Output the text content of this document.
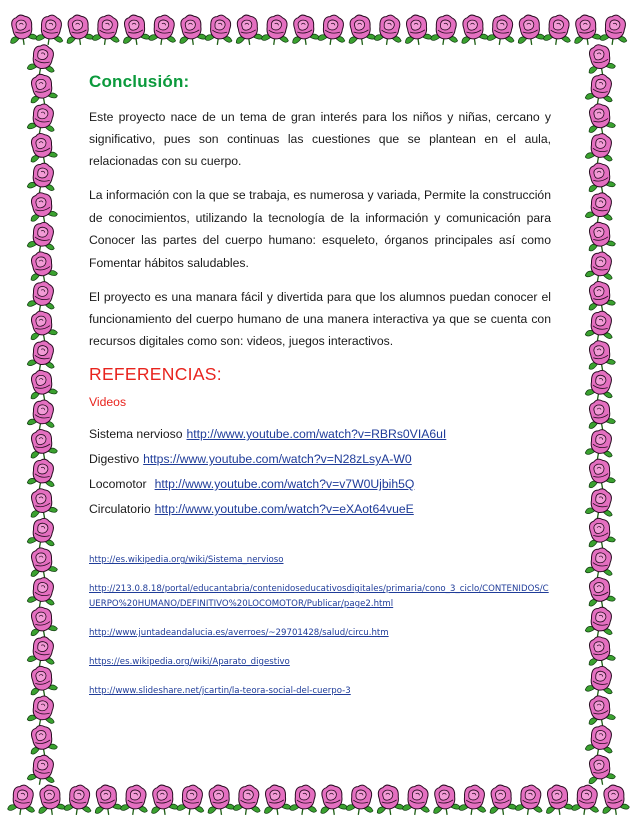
Conclusión:

Este proyecto nace de un tema de gran interés para los niños y niñas, cercano y significativo, pues son continuas las cuestiones que se plantean en el aula, relacionadas con su cuerpo.

La información con la que se trabaja, es numerosa y variada, Permite la construcción de conocimientos, utilizando la tecnología de la información y comunicación para Conocer las partes del cuerpo humano: esqueleto, órganos principales así como Fomentar hábitos saludables.

El proyecto es una manara fácil y divertida para que los alumnos puedan conocer el funcionamiento del cuerpo humano de una manera interactiva ya que se cuenta con recursos digitales como son: videos, juegos interactivos.

REFERENCIAS:
Videos
Sistema nervioso http://www.youtube.com/watch?v=RBRs0VIA6uI
Digestivo https://www.youtube.com/watch?v=N28zLsyA-W0
Locomotor http://www.youtube.com/watch?v=v7W0Ujbih5Q
Circulatorio http://www.youtube.com/watch?v=eXAot64vueE
http://es.wikipedia.org/wiki/Sistema_nervioso
http://213.0.8.18/portal/educantabria/contenidoseducativosdigitales/primaria/cono_3_ciclo/CONTENIDOS/CUERPO%20HUMANO/DEFINITIVO%20LOCOMOTOR/Publicar/page2.html
http://www.juntadeandalucia.es/averroes/~29701428/salud/circu.htm
https://es.wikipedia.org/wiki/Aparato_digestivo
http://www.slideshare.net/jcartin/la-teora-social-del-cuerpo-3
